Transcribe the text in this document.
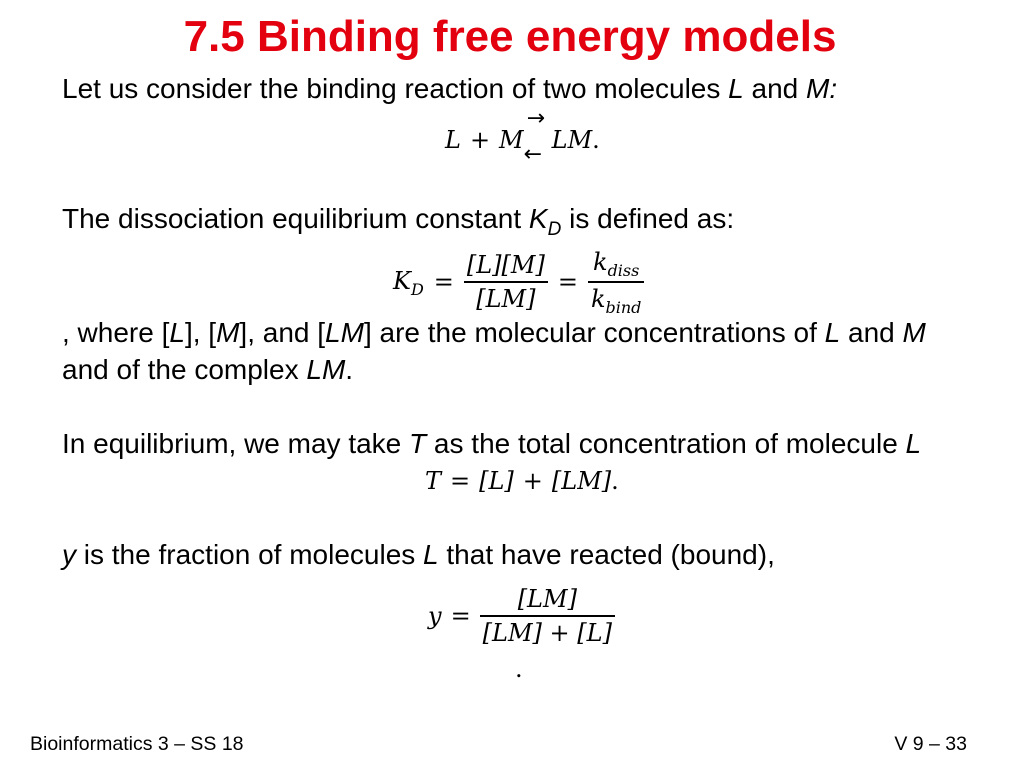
7.5 Binding free energy models
Let us consider the binding reaction of two molecules L and M:
L + M
→
←
LM .
The dissociation equilibrium constant $K_D$ is defined as:
$K_D = \frac{[L][M]}{[LM]} = \frac{k_{diss}}{k_{bind}}$
, where [L], [M], and [LM] are the molecular concentrations of L and M
and of the complex LM.
In equilibrium, we may take T as the total concentration of molecule L
T = [L] + [LM] .
y is the fraction of molecules L that have reacted (bound),
$y = \frac{[LM]}{[LM] + [L]}$
.
Bioinformatics 3 – SS 18	V 9 – 33
